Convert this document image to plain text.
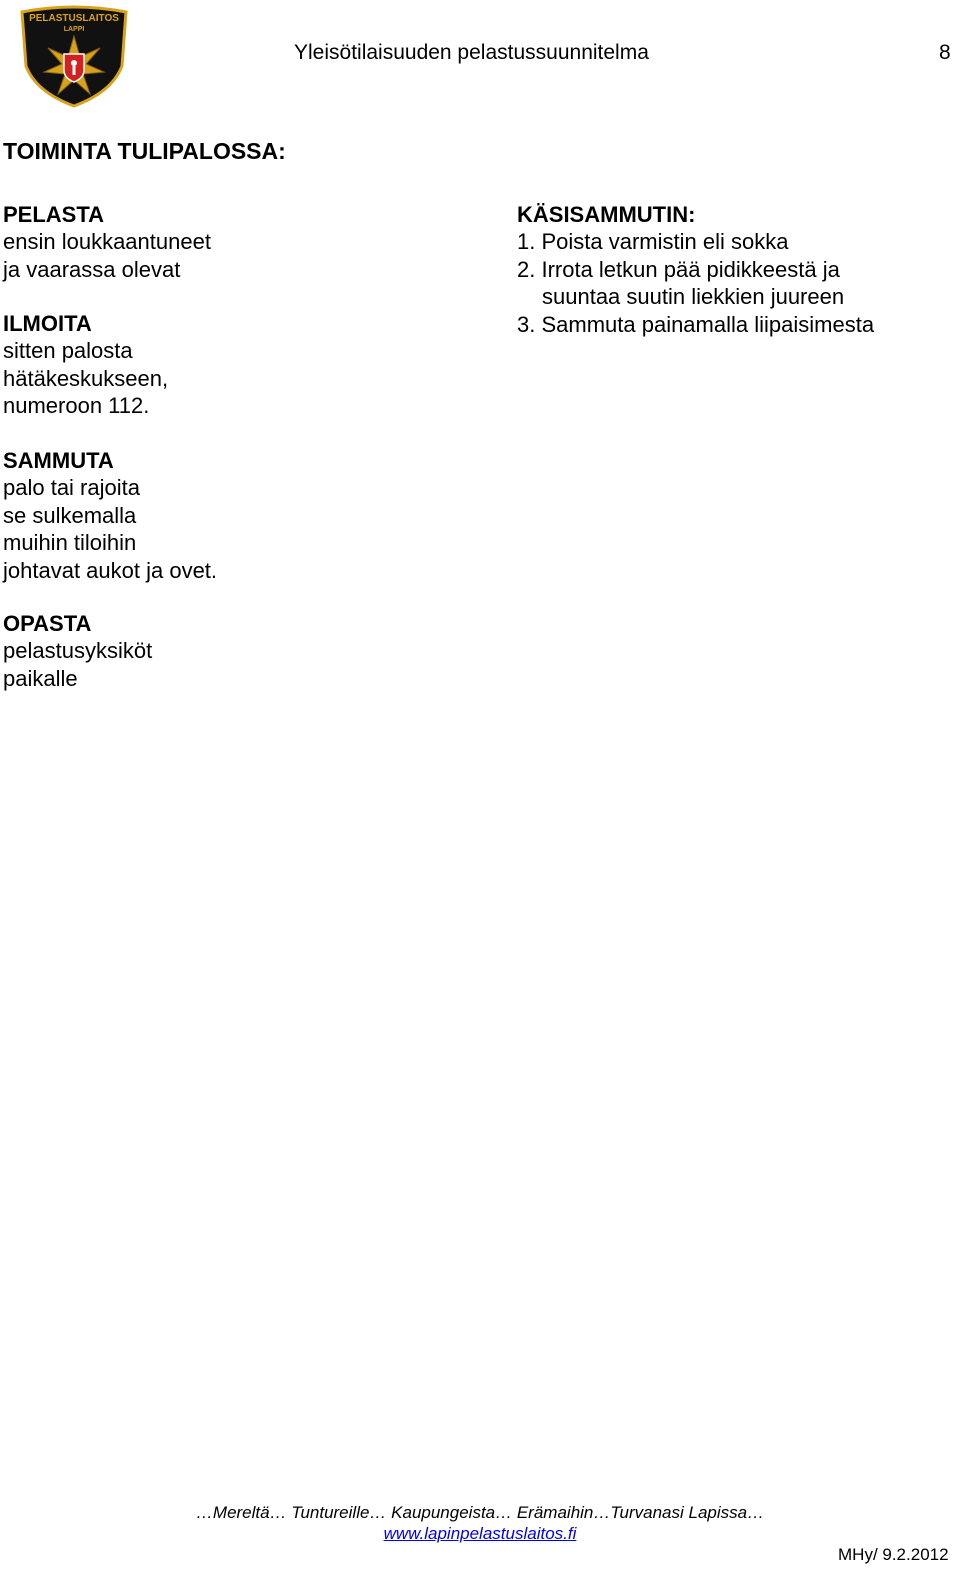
PELASTUSLAITOS
LAPPI
Yleisötilaisuuden pelastussuunnitelma	8
TOIMINTA TULIPALOSSA:
PELASTA
ensin loukkaantuneet
ja vaarassa olevat
ILMOITA
sitten palosta
hätäkeskukseen,
numeroon 112.
SAMMUTA
palo tai rajoita
se sulkemalla
muihin tiloihin
johtavat aukot ja ovet.
OPASTA
pelastusyksiköt
paikalle
KÄSISAMMUTIN:
1. Poista varmistin eli sokka
2. Irrota letkun pää pidikkeestä ja
suuntaa suutin liekkien juureen
3. Sammuta painamalla liipaisimesta
…Mereltä… Tuntureille… Kaupungeista… Erämaihin…Turvanasi Lapissa…
www.lapinpelastuslaitos.fi
MHy/ 9.2.2012
